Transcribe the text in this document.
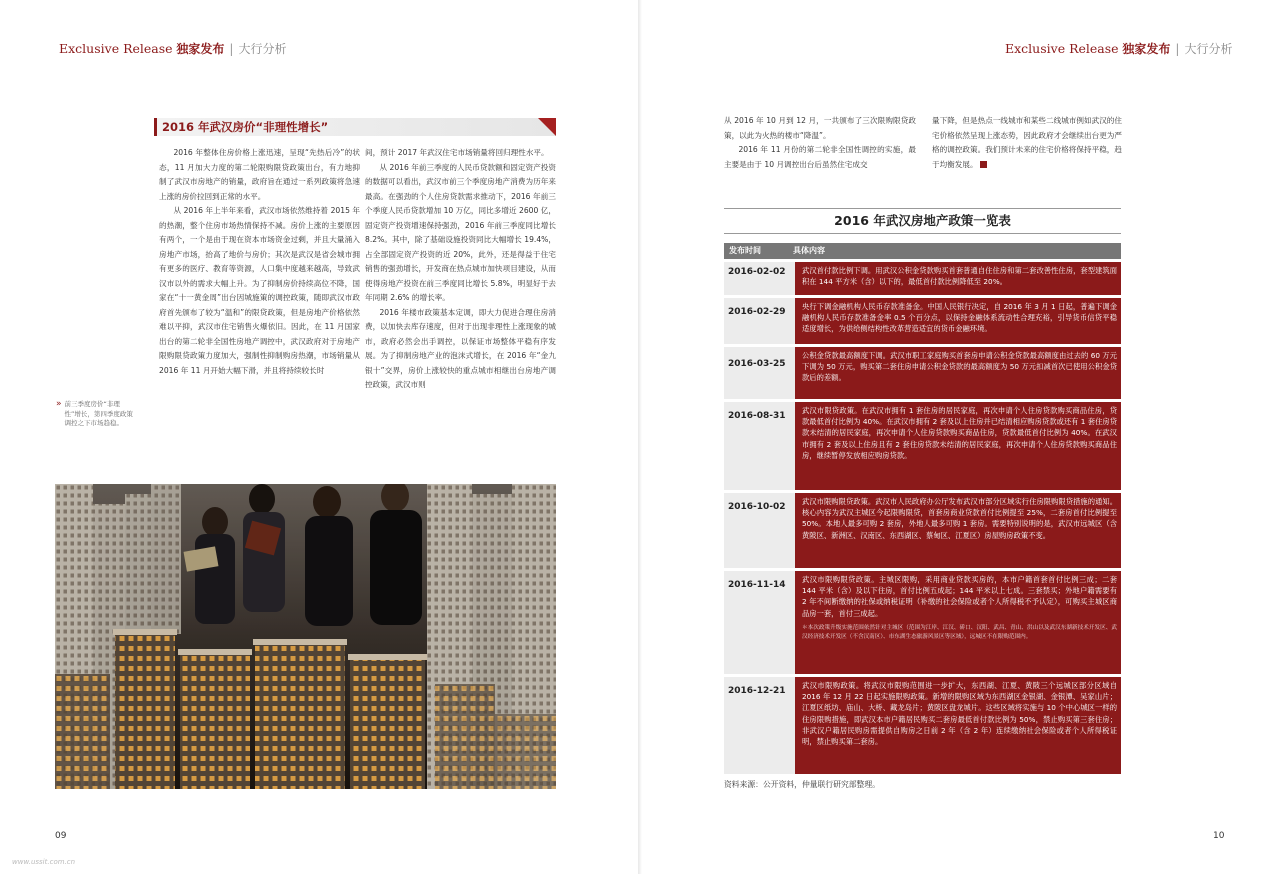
Exclusive Release 独家发布 | 大行分析	Exclusive Release 独家发布 | 大行分析
2016 年武汉房价“非理性增长”

2016 年整体住房价格上涨迅速，呈现“先热后冷”的状态，11 月加大力度的第二轮限购限贷政策出台，有力地抑制了武汉市房地产的销量，政府旨在通过一系列政策将急速上涨的房价拉回到正常的水平。

从 2016 年上半年来看，武汉市场依然维持着 2015 年的热潮，整个住房市场热情保持不减。房价上涨的主要原因有两个，一个是由于现在资本市场资金过剩，并且大量涌入房地产市场，抬高了地价与房价；其次是武汉是省会城市拥有更多的医疗、教育等资源，人口集中度越来越高，导致武汉市以外的需求大幅上升。为了抑制房价持续高位不降，国家在“十一黄金周”出台因城施策的调控政策，随即武汉市政府首先颁布了较为“温和”的限贷政策，但是房地产价格依然难以平抑，武汉市住宅销售火爆依旧。因此，在 11 月国家出台的第二轮非全国性房地产调控中，武汉政府对于房地产限购限贷政策力度加大，强制性抑制购房热潮，市场销量从 2016 年 11 月开始大幅下滑，并且将持续较长时

间，预计 2017 年武汉住宅市场销量将回归理性水平。

从 2016 年前三季度的人民币贷款额和固定资产投资的数据可以看出，武汉市前三个季度房地产消费为历年来最高。在强劲的个人住房贷款需求推动下，2016 年前三个季度人民币贷款增加 10 万亿，同比多增近 2600 亿，固定资产投资增速保持强劲，2016 年前三季度同比增长 8.2%。其中，除了基础设施投资同比大幅增长 19.4%，占全部固定资产投资的近 20%，此外，还是得益于住宅销售的强劲增长，开发商在热点城市加快项目建设，从而使得房地产投资在前三季度同比增长 5.8%，明显好于去年同期 2.6% 的增长率。

2016 年楼市政策基本定调，即大力促进合理住房消费，以加快去库存速度，但对于出现非理性上涨现象的城市，政府必然会出手调控，以保证市场整体平稳有序发展。为了抑制房地产业的泡沫式增长，在 2016 年“金九银十”交界，房价上涨较快的重点城市相继出台房地产调控政策，武汉市则

» 前三季度房价“非理性”增长，第四季度政策调控之下市场趋稳。

从 2016 年 10 月到 12 月，一共颁布了三次限购限贷政策，以此为火热的楼市“降温”。

2016 年 11 月份的第二轮非全国性调控的实施，最主要是由于 10 月调控出台后虽然住宅成交

量下降，但是热点一线城市和某些二线城市例如武汉的住宅价格依然呈现上涨态势，因此政府才会继续出台更为严格的调控政策。我们预计未来的住宅价格将保持平稳，趋于均衡发展。

2016 年武汉房地产政策一览表
发布时间	具体内容
2016-02-02	武汉首付款比例下调。用武汉公积金贷款购买首套普通自住住房和第二套改善性住房，套型建筑面积在 144 平方米（含）以下的，最低首付款比例降低至 20%。
2016-02-29
央行下调金融机构人民币存款准备金。中国人民银行决定，自 2016 年 3 月 1 日起，普遍下调金融机构人民币存款准备金率 0.5 个百分点，以保持金融体系流动性合理充裕，引导货币信贷平稳适度增长，为供给侧结构性改革营造适宜的货币金融环境。
2016-03-25
公积金贷款最高额度下调。武汉市职工家庭购买首套房申请公积金贷款最高额度由过去的 60 万元下调为 50 万元，购买第二套住房申请公积金贷款的最高额度为 50 万元扣减首次已使用公积金贷款后的差额。
2016-08-31
武汉市限贷政策。在武汉市拥有 1 套住房的居民家庭，再次申请个人住房贷款购买商品住房，贷款最低首付比例为 40%。在武汉市拥有 2 套及以上住房并已结清相应购房贷款或还有 1 套住房贷款未结清的居民家庭，再次申请个人住房贷款购买商品住房，贷款最低首付比例为 40%。在武汉市拥有 2 套及以上住房且有 2 套住房贷款未结清的居民家庭，再次申请个人住房贷款购买商品住房，继续暂停发放相应购房贷款。
2016-10-02
武汉市限购限贷政策。武汉市人民政府办公厅发布武汉市部分区域实行住房限购限贷措施的通知。核心内容为武汉主城区今起限购限贷，首套房商业贷款首付比例提至 25%，二套房首付比例提至 50%。本地人最多可购 2 套房，外地人最多可购 1 套房。需要特别说明的是，武汉市远城区（含黄陂区、新洲区、汉南区、东西湖区、蔡甸区、江夏区）房屋购房政策不变。
2016-11-14
武汉市限购限贷政策。主城区限购，采用商业贷款买房的，本市户籍首套首付比例三成；二套 144 平米（含）及以下住房，首付比例五成起；144 平米以上七成。三套禁买；外地户籍需要有 2 年不间断缴纳的社保或纳税证明（补缴的社会保险或者个人所得税不予认定），可购买主城区商品房一套，首付三成起。
＊本次政策升级实施范围依然针对主城区（范围为江岸、江汉、硚口、汉阳、武昌、青山、洪山以及武汉东湖新技术开发区、武汉经济技术开发区（不含汉南区）、市东湖生态旅游风景区等区域），远城区不在限购范围内。
2016-12-21
武汉市限购政策。将武汉市限购范围进一步扩大，东西湖、江夏、黄陂三个远城区部分区域自 2016 年 12 月 22 日起实施限购政策。新增的限购区域为东西湖区金银湖、金银潭、吴家山片；江夏区纸坊、庙山、大桥、藏龙岛片；黄陂区盘龙城片。这些区域将实施与 10 个中心城区一样的住房限购措施，即武汉本市户籍居民购买二套房最低首付款比例为 50%，禁止购买第三套住房；非武汉户籍居民购房需提供自购房之日前 2 年（含 2 年）连续缴纳社会保险或者个人所得税证明，禁止购买第二套房。
资料来源：公开资料，仲量联行研究部整理。
09	10
www.ussit.com.cn
